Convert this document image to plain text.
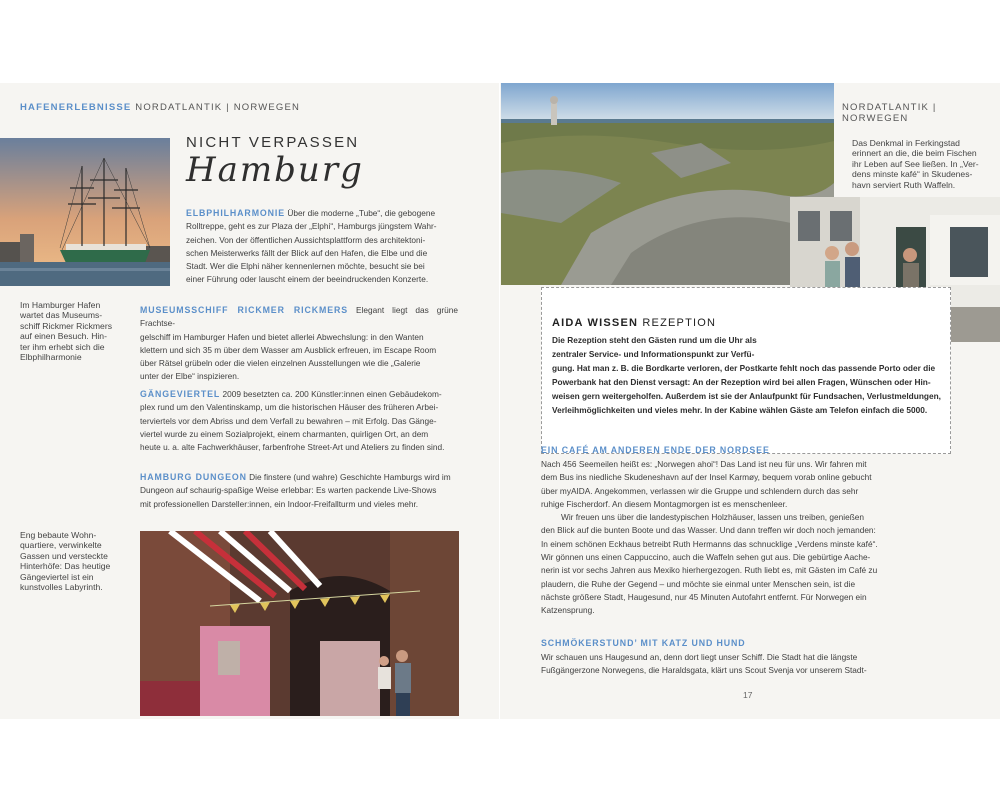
HAFENERLEBNISSE NORDATLANTIK | NORWEGEN
Im Hamburger Hafen
wartet das Museums-
schiff Rickmer Rickmers
auf einen Besuch. Hin-
ter ihm erhebt sich die
Elbphilharmonie
NICHT VERPASSEN
Hamburg
ELBPHILHARMONIE Über die moderne „Tube“, die gebogene
Rolltreppe, geht es zur Plaza der „Elphi“, Hamburgs jüngstem Wahr-
zeichen. Von der öffentlichen Aussichtsplattform des architektoni-
schen Meisterwerks fällt der Blick auf den Hafen, die Elbe und die
Stadt. Wer die Elphi näher kennenlernen möchte, besucht sie bei
einer Führung oder lauscht einem der beeindruckenden Konzerte.
MUSEUMSSCHIFF RICKMER RICKMERS Elegant liegt das grüne Frachtse-
gelschiff im Hamburger Hafen und bietet allerlei Abwechslung: in den Wanten
klettern und sich 35 m über dem Wasser am Ausblick erfreuen, im Escape Room
über Rätsel grübeln oder die vielen einzelnen Ausstellungen wie die „Galerie
unter der Elbe“ inspizieren.
GÄNGEVIERTEL 2009 besetzten ca. 200 Künstler:innen einen Gebäudekom-
plex rund um den Valentinskamp, um die historischen Häuser des früheren Arbei-
terviertels vor dem Abriss und dem Verfall zu bewahren – mit Erfolg. Das Gänge-
viertel wurde zu einem Sozialprojekt, einem charmanten, quirligen Ort, an dem
heute u. a. alte Fachwerkhäuser, farbenfrohe Street-Art und Ateliers zu finden sind.
HAMBURG DUNGEON Die finstere (und wahre) Geschichte Hamburgs wird im
Dungeon auf schaurig-spaßige Weise erlebbar: Es warten packende Live-Shows
mit professionellen Darsteller:innen, ein Indoor-Freifallturm und vieles mehr.
Eng bebaute Wohn-
quartiere, verwinkelte
Gassen und versteckte
Hinterhöfe: Das heutige
Gängeviertel ist ein
kunstvolles Labyrinth.
NORDATLANTIK | NORWEGEN
Das Denkmal in Ferkingstad
erinnert an die, die beim Fischen
ihr Leben auf See ließen. In „Ver-
dens minste kafé“ in Skudenes-
havn serviert Ruth Waffeln.
AIDA WISSEN REZEPTION
Die Rezeption steht den Gästen rund um die Uhr als
zentraler Service- und Informationspunkt zur Verfü-
gung. Hat man z. B. die Bordkarte verloren, der Postkarte fehlt noch das passende Porto oder die
Powerbank hat den Dienst versagt: An der Rezeption wird bei allen Fragen, Wünschen oder Hin-
weisen gern weitergeholfen. Außerdem ist sie der Anlaufpunkt für Fundsachen, Verlustmeldungen,
Verleihmöglichkeiten und vieles mehr. In der Kabine wählen Gäste am Telefon einfach die 5000.
EIN CAFÉ AM ANDEREN ENDE DER NORDSEE
Nach 456 Seemeilen heißt es: „Norwegen ahoi“! Das Land ist neu für uns. Wir fahren mit
dem Bus ins niedliche Skudeneshavn auf der Insel Karmøy, bequem vorab online gebucht
über myAIDA. Angekommen, verlassen wir die Gruppe und schlendern durch das sehr
ruhige Fischerdorf. An diesem Montagmorgen ist es menschenleer.
Wir freuen uns über die landestypischen Holzhäuser, lassen uns treiben, genießen
den Blick auf die bunten Boote und das Wasser. Und dann treffen wir doch noch jemanden:
In einem schönen Eckhaus betreibt Ruth Hermanns das schnuckligе „Verdens minste kafé“.
Wir gönnen uns einen Cappuccino, auch die Waffeln sehen gut aus. Die gebürtige Aache-
nerin ist vor sechs Jahren aus Mexiko hierhergezogen. Ruth liebt es, mit Gästen im Café zu
plaudern, die Ruhe der Gegend – und möchte sie einmal unter Menschen sein, ist die
nächste größere Stadt, Haugesund, nur 45 Minuten Autofahrt entfernt. Für Norwegen ein
Katzensprung.
SCHMÖKERSTUND’ MIT KATZ UND HUND
Wir schauen uns Haugesund an, denn dort liegt unser Schiff. Die Stadt hat die längste
Fußgängerzone Norwegens, die Haraldsgata, klärt uns Scout Svenja vor unserem Stadt-
17
